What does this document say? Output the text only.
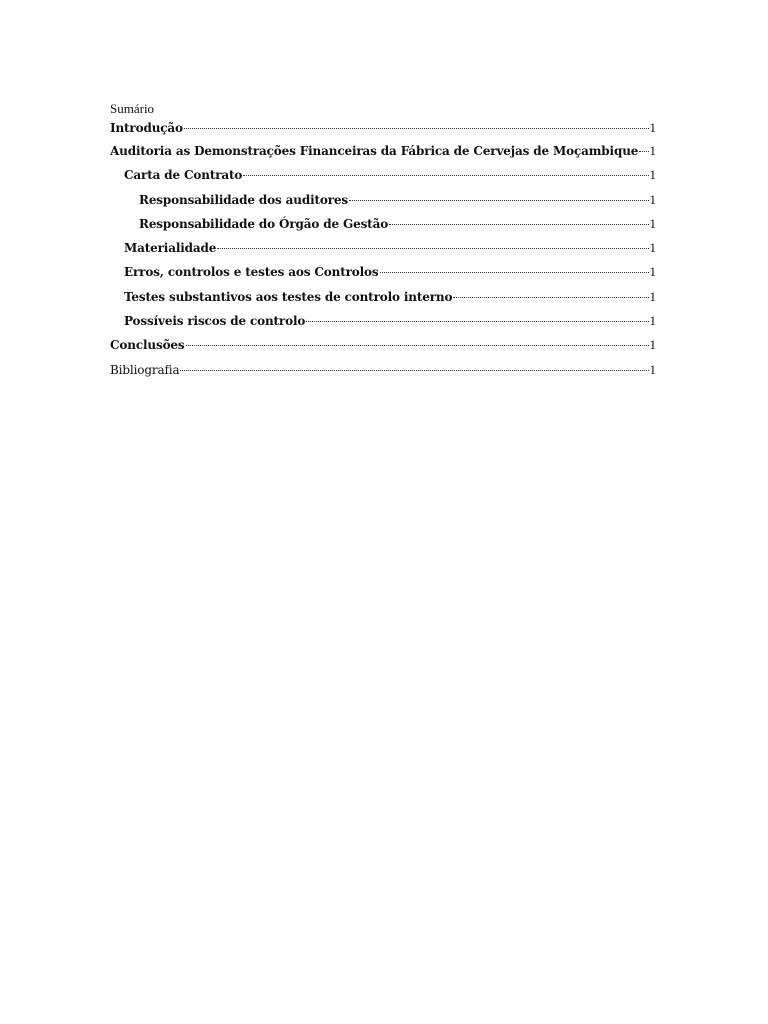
Sumário
Introdução	1
Auditoria as Demonstrações Financeiras da Fábrica de Cervejas de Moçambique 1
Carta de Contrato	1
Responsabilidade dos auditores	1
Responsabilidade do Órgão de Gestão	1
Materialidade	1
Erros, controlos e testes aos Controlos	1
Testes substantivos aos testes de controlo interno	1
Possíveis riscos de controlo	1
Conclusões	1
Bibliografia	1
